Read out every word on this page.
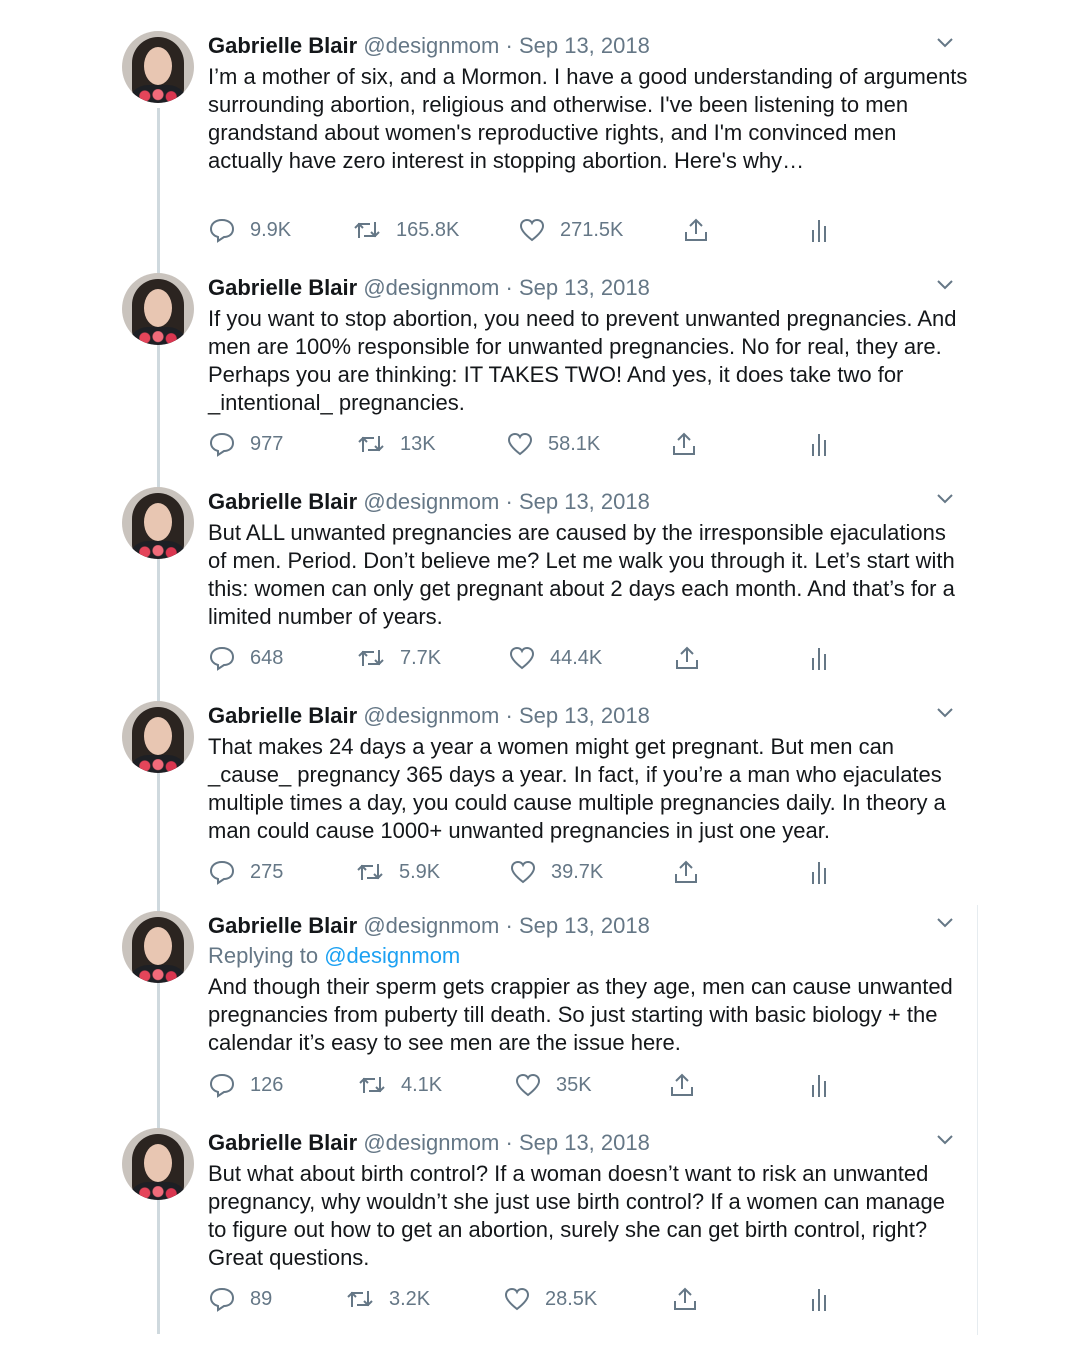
Gabrielle Blair @designmom · Sep 13, 2018
I’m a mother of six, and a Mormon. I have a good understanding of arguments surrounding abortion, religious and otherwise. I've been listening to men grandstand about women's reproductive rights, and I'm convinced men actually have zero interest in stopping abortion. Here's why…
9.9K	165.8K	271.5K
Gabrielle Blair @designmom · Sep 13, 2018
If you want to stop abortion, you need to prevent unwanted pregnancies. And men are 100% responsible for unwanted pregnancies. No for real, they are. Perhaps you are thinking: IT TAKES TWO! And yes, it does take two for _intentional_ pregnancies.
977	13K	58.1K
Gabrielle Blair @designmom · Sep 13, 2018
But ALL unwanted pregnancies are caused by the irresponsible ejaculations of men. Period. Don’t believe me? Let me walk you through it. Let’s start with this: women can only get pregnant about 2 days each month. And that’s for a limited number of years.
648	7.7K	44.4K
Gabrielle Blair @designmom · Sep 13, 2018
That makes 24 days a year a women might get pregnant. But men can _cause_ pregnancy 365 days a year. In fact, if you’re a man who ejaculates multiple times a day, you could cause multiple pregnancies daily. In theory a man could cause 1000+ unwanted pregnancies in just one year.
275	5.9K	39.7K
Gabrielle Blair @designmom · Sep 13, 2018
Replying to @designmom
And though their sperm gets crappier as they age, men can cause unwanted pregnancies from puberty till death. So just starting with basic biology + the calendar it’s easy to see men are the issue here.
126	4.1K	35K
Gabrielle Blair @designmom · Sep 13, 2018
But what about birth control? If a woman doesn’t want to risk an unwanted pregnancy, why wouldn’t she just use birth control? If a women can manage to figure out how to get an abortion, surely she can get birth control, right? Great questions.
89	3.2K	28.5K
